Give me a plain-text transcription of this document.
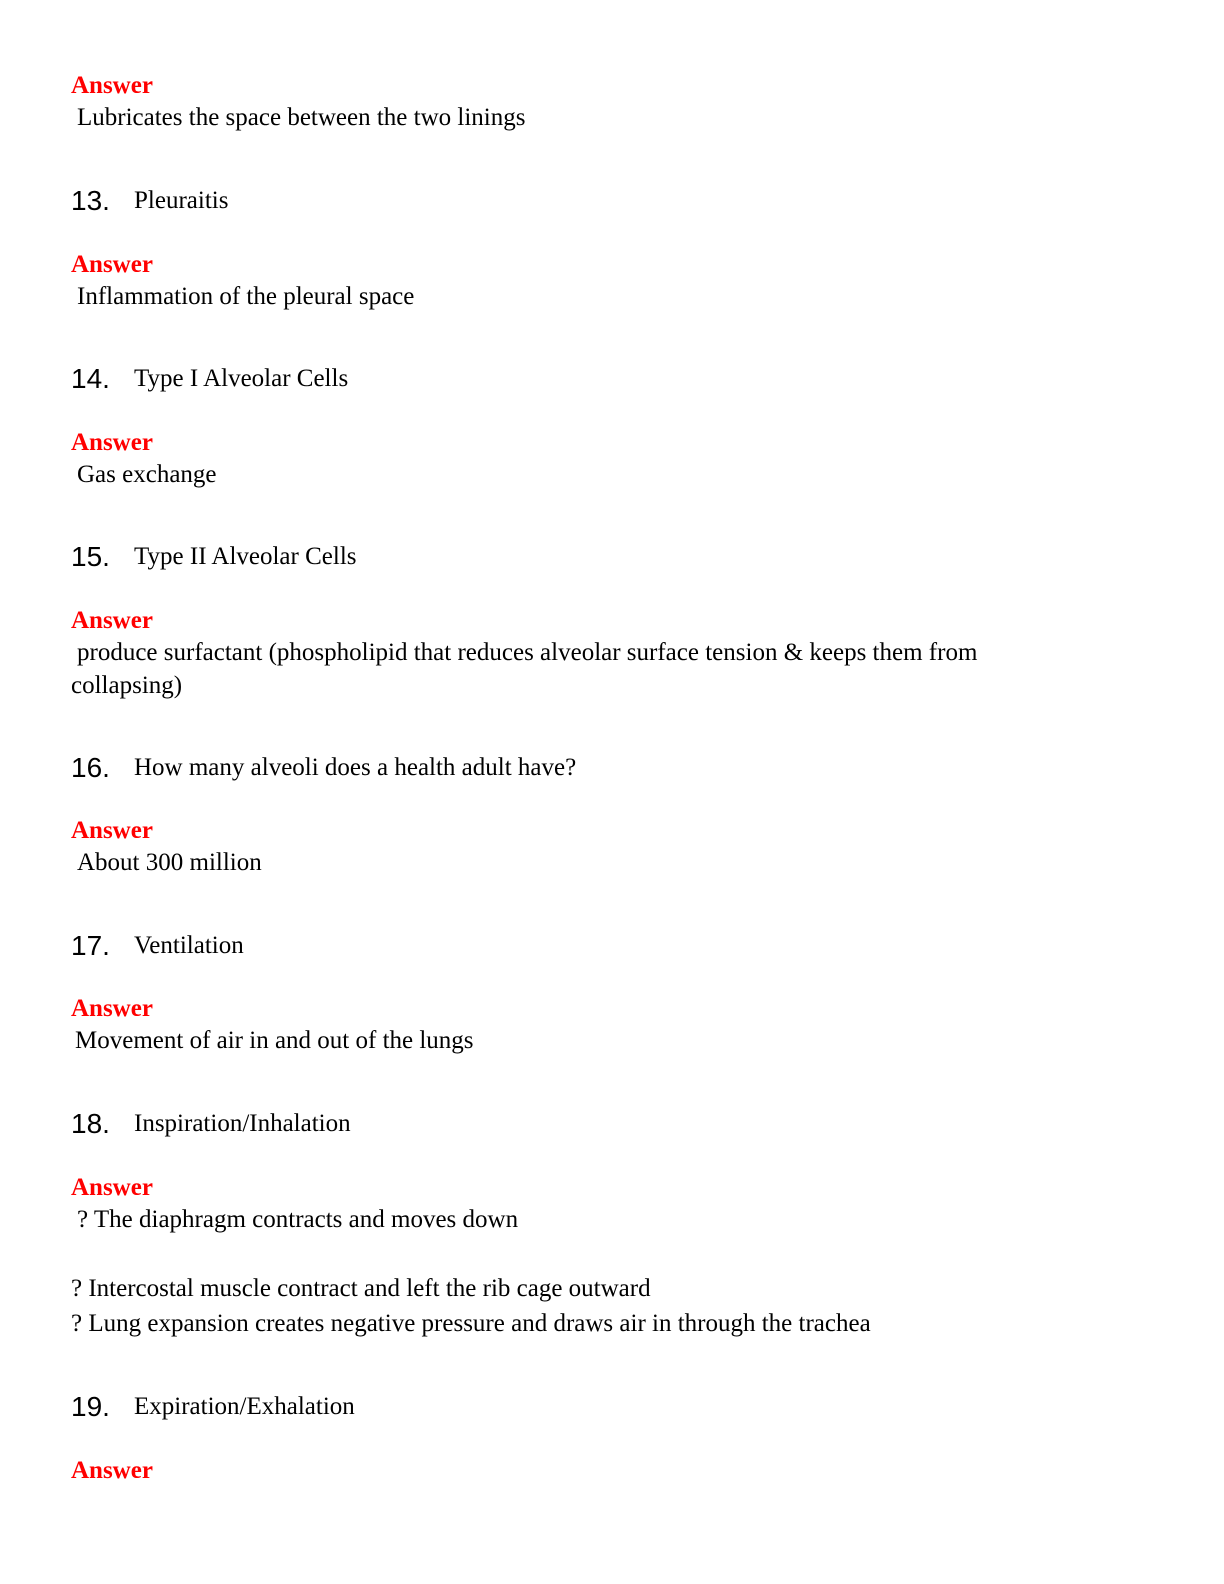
Answer
Lubricates the space between the two linings
13. Pleuraitis
Answer
Inflammation of the pleural space
14. Type I Alveolar Cells
Answer
Gas exchange
15. Type II Alveolar Cells
Answer
produce surfactant (phospholipid that reduces alveolar surface tension & keeps them from
collapsing)
16. How many alveoli does a health adult have?
Answer
About 300 million
17. Ventilation
Answer
Movement of air in and out of the lungs
18. Inspiration/Inhalation
Answer
? The diaphragm contracts and moves down
? Intercostal muscle contract and left the rib cage outward
? Lung expansion creates negative pressure and draws air in through the trachea
19. Expiration/Exhalation
Answer
